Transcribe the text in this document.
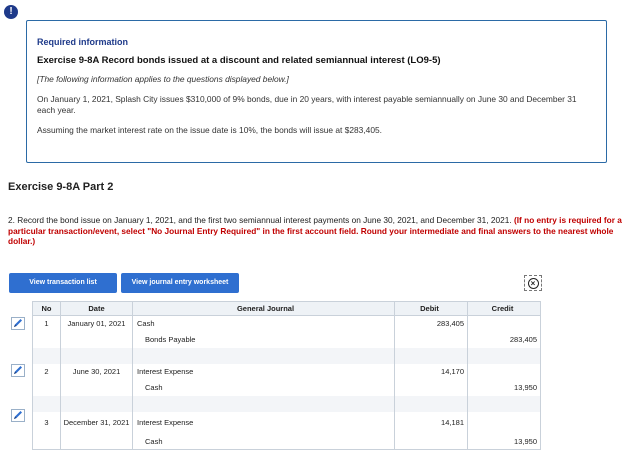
!
Required information
Exercise 9-8A Record bonds issued at a discount and related semiannual interest (LO9-5)
[The following information applies to the questions displayed below.]
On January 1, 2021, Splash City issues $310,000 of 9% bonds, due in 20 years, with interest payable semiannually on June 30 and December 31 each year.
Assuming the market interest rate on the issue date is 10%, the bonds will issue at $283,405.
Exercise 9-8A Part 2
2. Record the bond issue on January 1, 2021, and the first two semiannual interest payments on June 30, 2021, and December 31, 2021. (If no entry is required for a particular transaction/event, select "No Journal Entry Required" in the first account field. Round your intermediate and final answers to the nearest whole dollar.)
View transaction list	View journal entry worksheet	×
No	Date	General Journal	Debit	Credit
1	January 01, 2021	Cash	283,405	
		Bonds Payable		283,405

2	June 30, 2021	Interest Expense	14,170	
		Cash		13,950

3	December 31, 2021	Interest Expense	14,181	
		Cash		13,950
